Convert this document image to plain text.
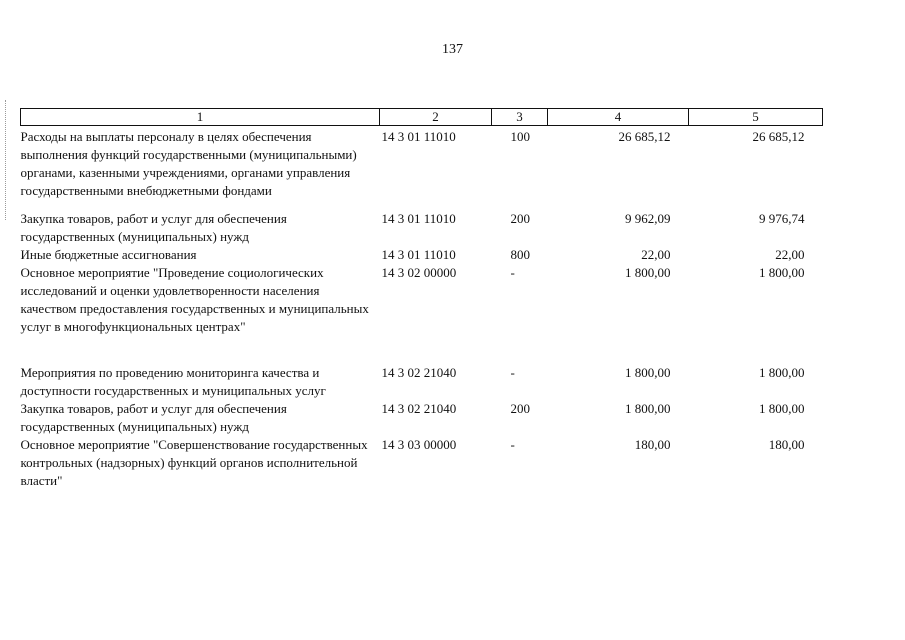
137
1	2	3	4	5
Расходы на выплаты персоналу в целях обеспечения выполнения функций государственными (муниципальными) органами, казенными учреждениями, органами управления государственными внебюджетными фондами	14 3 01 11010	100	26 685,12	26 685,12
Закупка товаров, работ и услуг для обеспечения государственных (муниципальных) нужд	14 3 01 11010	200	9 962,09	9 976,74
Иные бюджетные ассигнования	14 3 01 11010	800	22,00	22,00
Основное мероприятие "Проведение социологических исследований и оценки удовлетворенности населения качеством предоставления государственных и муниципальных услуг в многофункциональных центрах"	14 3 02 00000	-	1 800,00	1 800,00
Мероприятия по проведению мониторинга качества и доступности государственных и муниципальных услуг	14 3 02 21040	-	1 800,00	1 800,00
Закупка товаров, работ и услуг для обеспечения государственных (муниципальных) нужд	14 3 02 21040	200	1 800,00	1 800,00
Основное мероприятие "Совершенствование государственных контрольных (надзорных) функций органов исполнительной власти"	14 3 03 00000	-	180,00	180,00
